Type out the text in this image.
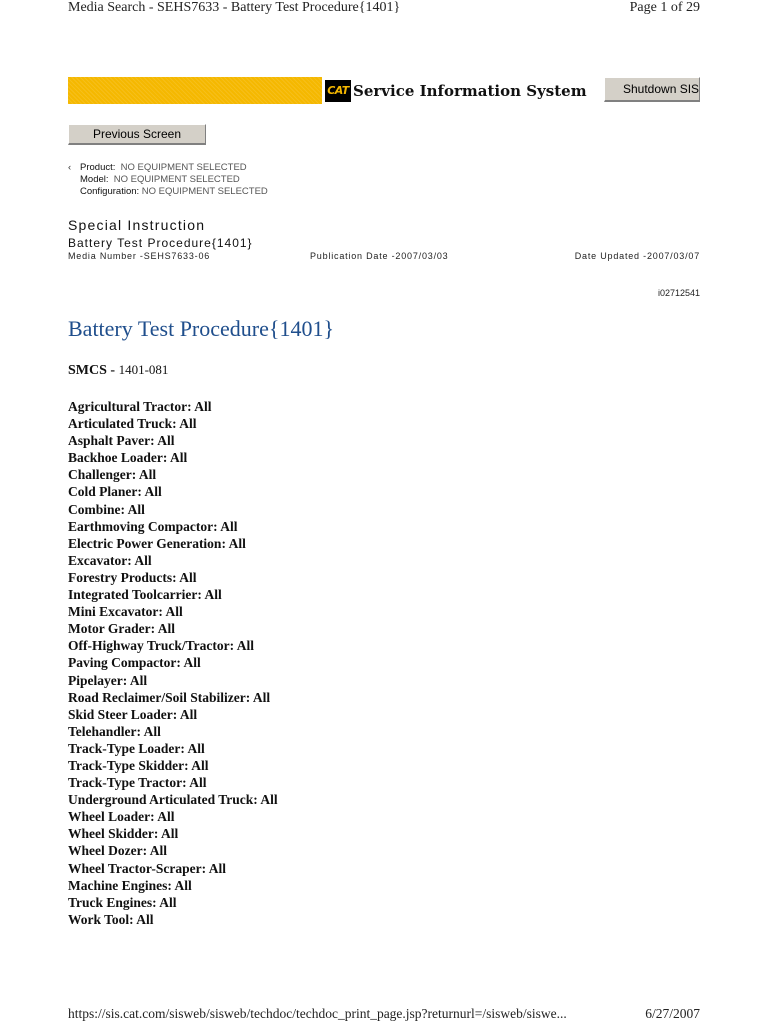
Media Search - SEHS7633 - Battery Test Procedure{1401}	Page 1 of 29
CAT Service Information System	Shutdown SIS
Previous Screen
‹ Product: NO EQUIPMENT SELECTED
Model: NO EQUIPMENT SELECTED
Configuration: NO EQUIPMENT SELECTED
Special Instruction
Battery Test Procedure{1401}
Media Number -SEHS7633-06	Publication Date -2007/03/03	Date Updated -2007/03/07
i02712541
Battery Test Procedure{1401}
SMCS - 1401-081
Agricultural Tractor: All
Articulated Truck: All
Asphalt Paver: All
Backhoe Loader: All
Challenger: All
Cold Planer: All
Combine: All
Earthmoving Compactor: All
Electric Power Generation: All
Excavator: All
Forestry Products: All
Integrated Toolcarrier: All
Mini Excavator: All
Motor Grader: All
Off-Highway Truck/Tractor: All
Paving Compactor: All
Pipelayer: All
Road Reclaimer/Soil Stabilizer: All
Skid Steer Loader: All
Telehandler: All
Track-Type Loader: All
Track-Type Skidder: All
Track-Type Tractor: All
Underground Articulated Truck: All
Wheel Loader: All
Wheel Skidder: All
Wheel Dozer: All
Wheel Tractor-Scraper: All
Machine Engines: All
Truck Engines: All
Work Tool: All
https://sis.cat.com/sisweb/sisweb/techdoc/techdoc_print_page.jsp?returnurl=/sisweb/siswe...	6/27/2007
